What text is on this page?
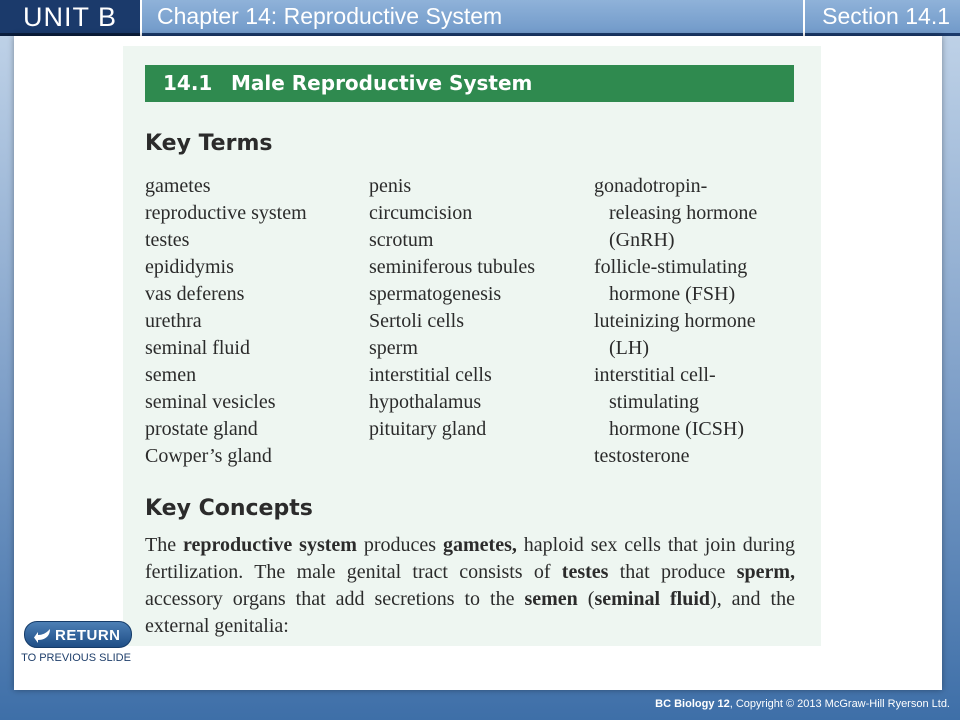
UNIT B	Chapter 14: Reproductive System	Section 14.1
14.1 Male Reproductive System
Key Terms
gametes
reproductive system
testes
epididymis
vas deferens
urethra
seminal fluid
semen
seminal vesicles
prostate gland
Cowper’s gland
penis
circumcision
scrotum
seminiferous tubules
spermatogenesis
Sertoli cells
sperm
interstitial cells
hypothalamus
pituitary gland
gonadotropin-
releasing hormone
(GnRH)
follicle-stimulating
hormone (FSH)
luteinizing hormone
(LH)
interstitial cell-
stimulating
hormone (ICSH)
testosterone
Key Concepts
The reproductive system produces gametes, haploid sex cells that join during fertilization. The male genital tract consists of testes that produce sperm, accessory organs that add secretions to the semen (seminal fluid), and the external genitalia:
RETURN
TO PREVIOUS SLIDE
BC Biology 12, Copyright © 2013 McGraw-Hill Ryerson Ltd.
